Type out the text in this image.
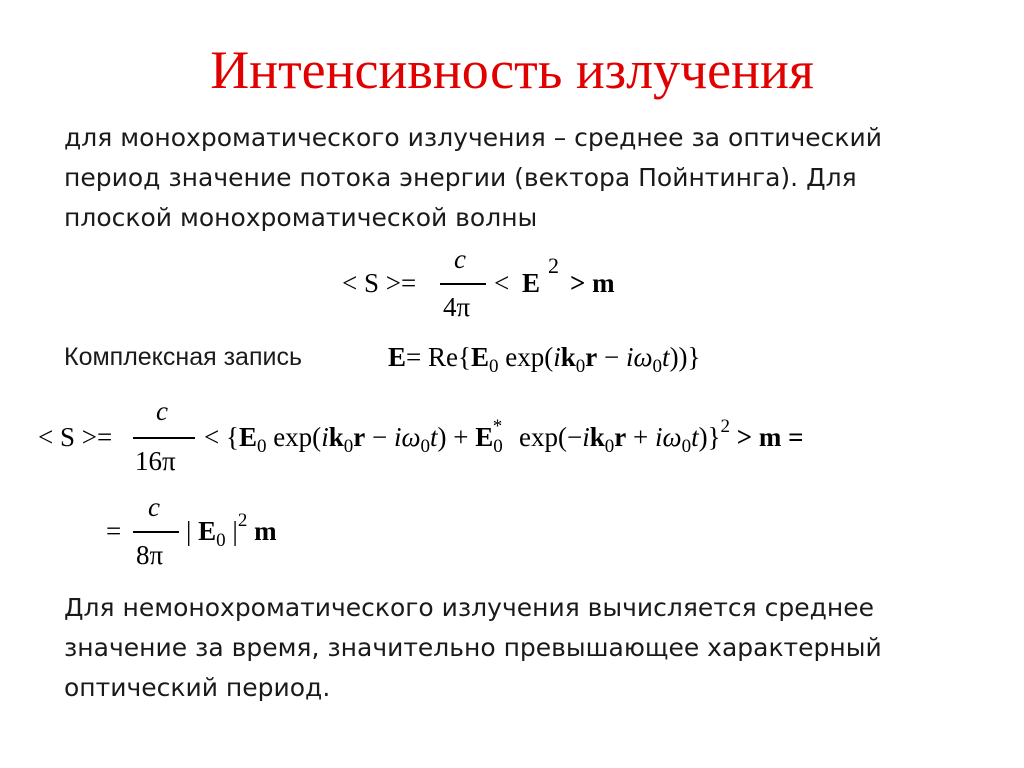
Интенсивность излучения
для монохроматического излучения – среднее за оптический период значение потока энергии (вектора Пойнтинга). Для плоской монохроматической волны
< S >=
c
4π
< E
2
> m
Комплексная запись	$E= Re\{E_0$ $\exp(ik_0r - i\omega_0t)$)}
< S >=
c
16π
< {$E_0$ $\exp(ik_0r - i\omega_0t) + E_0^*$ $\exp(-ik_0r + i\omega_0t)\}^2 > m$ =
=
c
8π
| $E_0$ $|^2$ m
Для немонохроматического излучения вычисляется среднее значение за время, значительно превышающее характерный оптический период.
